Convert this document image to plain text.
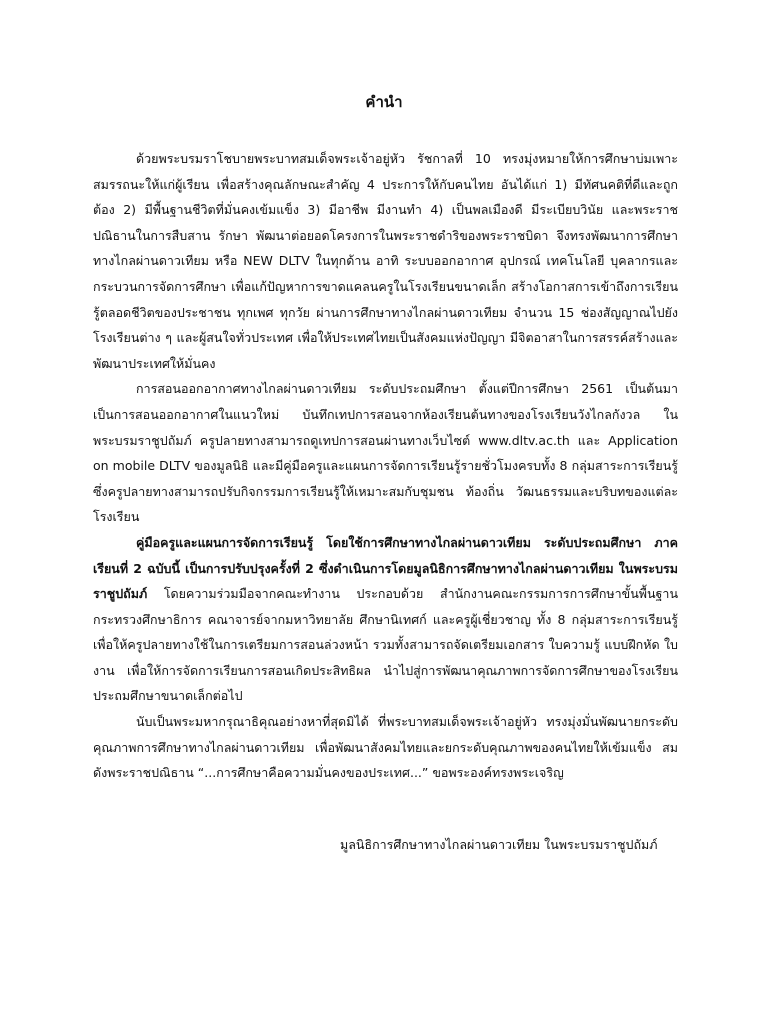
คำนำ

ด้วยพระบรมราโชบายพระบาทสมเด็จพระเจ้าอยู่หัว รัชกาลที่ 10 ทรงมุ่งหมายให้การศึกษาบ่มเพาะสมรรถนะให้แก่ผู้เรียน เพื่อสร้างคุณลักษณะสำคัญ 4 ประการให้กับคนไทย อันได้แก่ 1) มีทัศนคติที่ดีและถูกต้อง 2) มีพื้นฐานชีวิตที่มั่นคงเข้มแข็ง 3) มีอาชีพ มีงานทำ 4) เป็นพลเมืองดี มีระเบียบวินัย และพระราชปณิธานในการสืบสาน รักษา พัฒนาต่อยอดโครงการในพระราชดำริของพระราชบิดา จึงทรงพัฒนาการศึกษาทางไกลผ่านดาวเทียม หรือ NEW DLTV ในทุกด้าน อาทิ ระบบออกอากาศ อุปกรณ์ เทคโนโลยี บุคลากรและกระบวนการจัดการศึกษา เพื่อแก้ปัญหาการขาดแคลนครูในโรงเรียนขนาดเล็ก สร้างโอกาสการเข้าถึงการเรียนรู้ตลอดชีวิตของประชาชน ทุกเพศ ทุกวัย ผ่านการศึกษาทางไกลผ่านดาวเทียม จำนวน 15 ช่องสัญญาณไปยังโรงเรียนต่าง ๆ และผู้สนใจทั่วประเทศ เพื่อให้ประเทศไทยเป็นสังคมแห่งปัญญา มีจิตอาสาในการสรรค์สร้างและพัฒนาประเทศให้มั่นคง

การสอนออกอากาศทางไกลผ่านดาวเทียม ระดับประถมศึกษา ตั้งแต่ปีการศึกษา 2561 เป็นต้นมา เป็นการสอนออกอากาศในแนวใหม่ บันทึกเทปการสอนจากห้องเรียนต้นทางของโรงเรียนวังไกลกังวล ในพระบรมราชูปถัมภ์ ครูปลายทางสามารถดูเทปการสอนผ่านทางเว็บไซต์ www.dltv.ac.th และ Application on mobile DLTV ของมูลนิธิ และมีคู่มือครูและแผนการจัดการเรียนรู้รายชั่วโมงครบทั้ง 8 กลุ่มสาระการเรียนรู้ ซึ่งครูปลายทางสามารถปรับกิจกรรมการเรียนรู้ให้เหมาะสมกับชุมชน ท้องถิ่น วัฒนธรรมและบริบทของแต่ละโรงเรียน

คู่มือครูและแผนการจัดการเรียนรู้ โดยใช้การศึกษาทางไกลผ่านดาวเทียม ระดับประถมศึกษา ภาคเรียนที่ 2 ฉบับนี้ เป็นการปรับปรุงครั้งที่ 2 ซึ่งดำเนินการโดยมูลนิธิการศึกษาทางไกลผ่านดาวเทียม ในพระบรมราชูปถัมภ์ โดยความร่วมมือจากคณะทำงาน ประกอบด้วย สำนักงานคณะกรรมการการศึกษาขั้นพื้นฐาน กระทรวงศึกษาธิการ คณาจารย์จากมหาวิทยาลัย ศึกษานิเทศก์ และครูผู้เชี่ยวชาญ ทั้ง 8 กลุ่มสาระการเรียนรู้ เพื่อให้ครูปลายทางใช้ในการเตรียมการสอนล่วงหน้า รวมทั้งสามารถจัดเตรียมเอกสาร ใบความรู้ แบบฝึกหัด ใบงาน เพื่อให้การจัดการเรียนการสอนเกิดประสิทธิผล นำไปสู่การพัฒนาคุณภาพการจัดการศึกษาของโรงเรียนประถมศึกษาขนาดเล็กต่อไป

นับเป็นพระมหากรุณาธิคุณอย่างหาที่สุดมิได้ ที่พระบาทสมเด็จพระเจ้าอยู่หัว ทรงมุ่งมั่นพัฒนายกระดับคุณภาพการศึกษาทางไกลผ่านดาวเทียม เพื่อพัฒนาสังคมไทยและยกระดับคุณภาพของคนไทยให้เข้มแข็ง สมดังพระราชปณิธาน “...การศึกษาคือความมั่นคงของประเทศ...” ขอพระองค์ทรงพระเจริญ

มูลนิธิการศึกษาทางไกลผ่านดาวเทียม ในพระบรมราชูปถัมภ์
